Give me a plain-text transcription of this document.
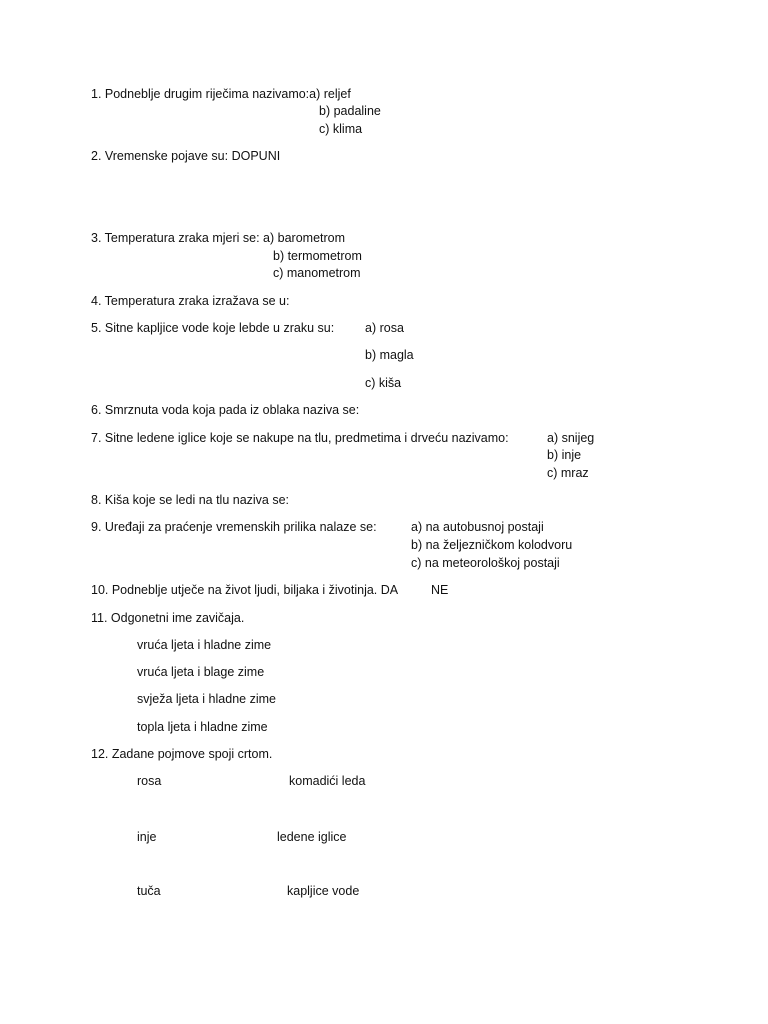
1. Podneblje drugim riječima nazivamo:a) reljef
b) padaline
c) klima
2. Vremenske pojave su: DOPUNI
3. Temperatura zraka mjeri se: a) barometrom
b) termometrom
c) manometrom
4. Temperatura zraka izražava se u:
5. Sitne kapljice vode koje lebde u zraku su: a) rosa
b) magla
c) kiša
6. Smrznuta voda koja pada iz oblaka naziva se:
7. Sitne ledene iglice koje se nakupe na tlu, predmetima i drveću nazivamo:	a) snijeg
b) inje
c) mraz
8. Kiša koje se ledi na tlu naziva se:
9. Uređaji za praćenje vremenskih prilika nalaze se:	a) na autobusnoj postaji
b) na željezničkom kolodvoru
c) na meteorološkoj postaji
10. Podneblje utječe na život ljudi, biljaka i životinja. DA	NE
11. Odgonetni ime zavičaja.
vruća ljeta i hladne zime
vruća ljeta i blage zime
svježa ljeta i hladne zime
topla ljeta i hladne zime
12. Zadane pojmove spoji crtom.
rosa	komadići leda
inje	ledene iglice
tuča	kapljice vode
